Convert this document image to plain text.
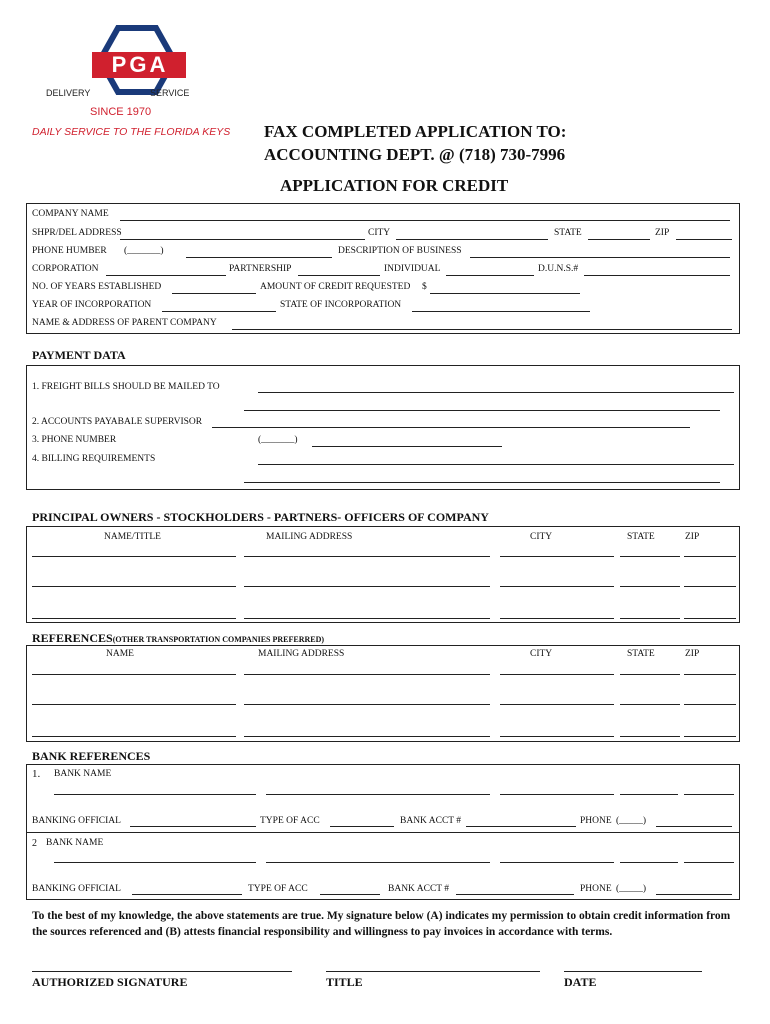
PGA
DELIVERY	SERVICE
SINCE 1970
DAILY SERVICE TO THE FLORIDA KEYS FAX COMPLETED APPLICATION TO:
ACCOUNTING DEPT. @ (718) 730-7996
APPLICATION FOR CREDIT
COMPANY NAME
SHPR/DEL ADDRESS	CITY	STATE	ZIP
PHONE HUMBER (_______)	DESCRIPTION OF BUSINESS
CORPORATION	PARTNERSHIP	INDIVIDUAL	D.U.N.S.#
NO. OF YEARS ESTABLISHED	AMOUNT OF CREDIT REQUESTED $
YEAR OF INCORPORATION	STATE OF INCORPORATION
NAME & ADDRESS OF PARENT COMPANY
PAYMENT DATA
1. FREIGHT BILLS SHOULD BE MAILED TO
2. ACCOUNTS PAYABALE SUPERVISOR
3. PHONE NUMBER	(_______)
4. BILLING REQUIREMENTS
PRINCIPAL OWNERS - STOCKHOLDERS - PARTNERS- OFFICERS OF COMPANY
NAME/TITLE	MAILING ADDRESS	CITY	STATE	ZIP
REFERENCES(OTHER TRANSPORTATION COMPANIES PREFERRED)
NAME	MAILING ADDRESS	CITY	STATE	ZIP
BANK REFERENCES
1. BANK NAME
BANKING OFFICIAL	TYPE OF ACC	BANK ACCT #	PHONE (_____)
2 BANK NAME
BANKING OFFICIAL	TYPE OF ACC	BANK ACCT #	PHONE (_____)
To the best of my knowledge, the above statements are true. My signature below (A) indicates my permission to obtain credit information from the sources referenced and (B) attests financial responsibility and willingness to pay invoices in accordance with terms.
AUTHORIZED SIGNATURE	TITLE	DATE
